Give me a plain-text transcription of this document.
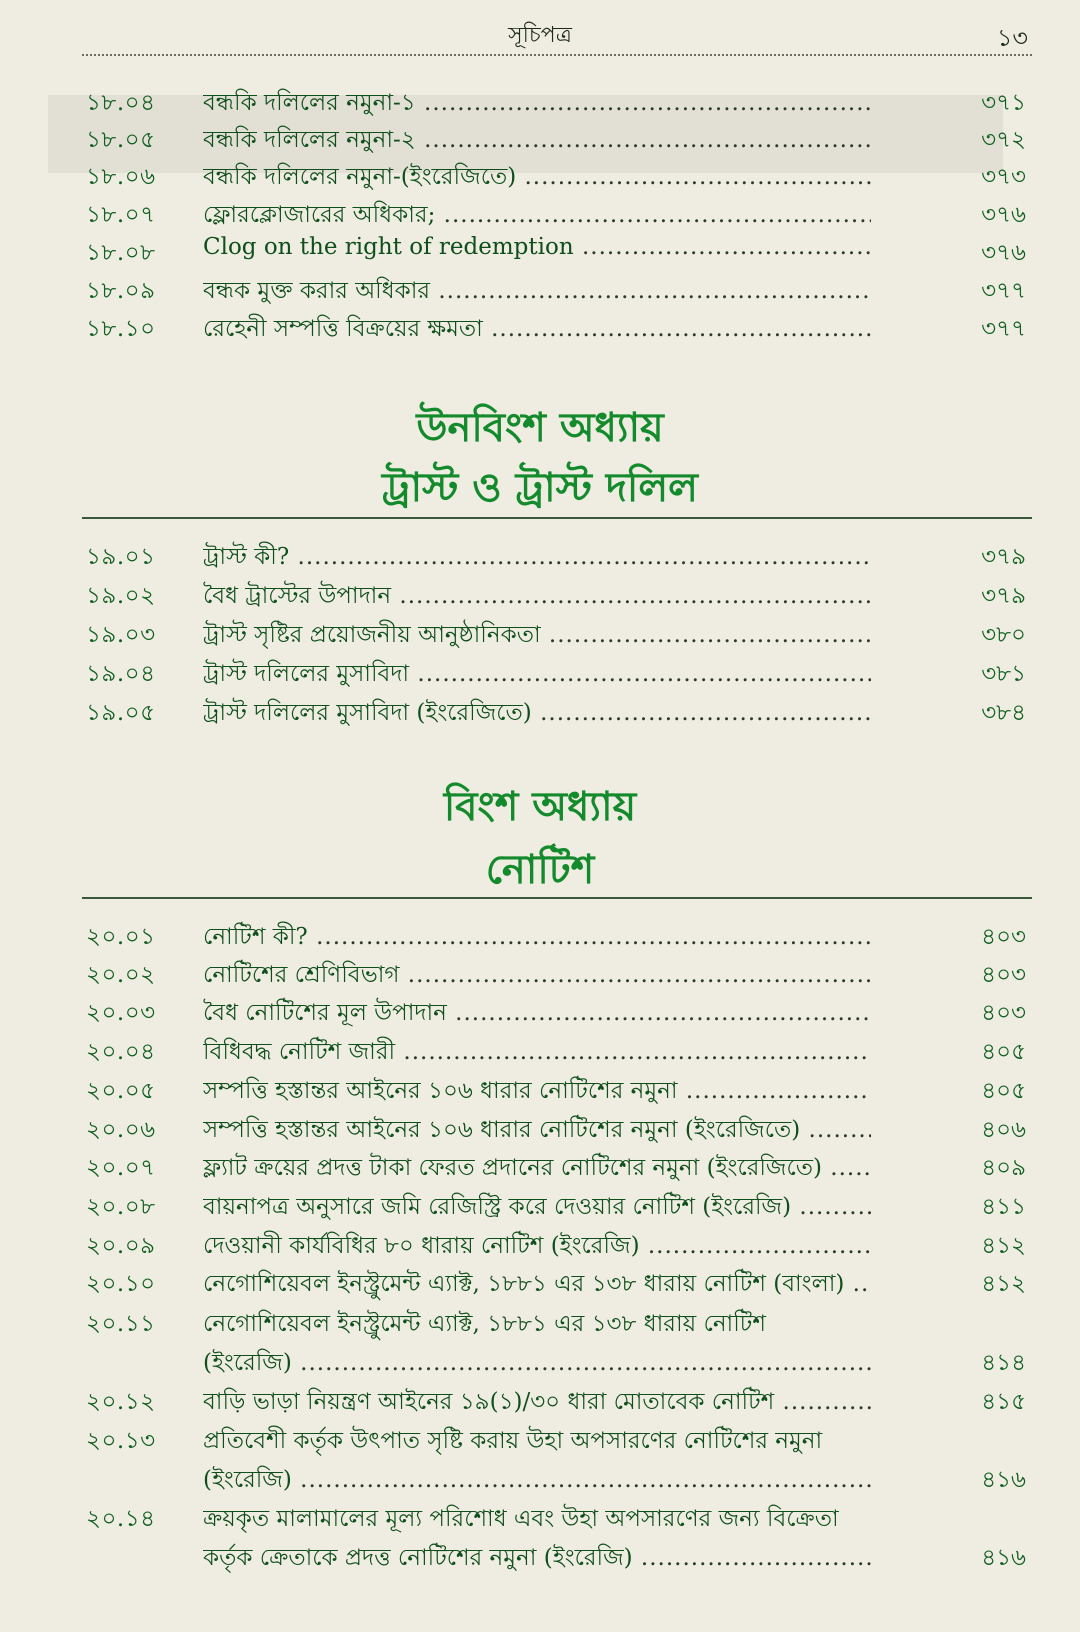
সূচিপত্র	১৩
১৮.০৪ বন্ধকি দলিলের নমুনা-১ .....	৩৭১
১৮.০৫ বন্ধকি দলিলের নমুনা-২ .....	৩৭২
১৮.০৬ বন্ধকি দলিলের নমুনা-(ইংরেজিতে) .....	৩৭৩
১৮.০৭ ফ্লোরক্লোজারের অধিকার; .....	৩৭৬
১৮.০৮ Clog on the right of redemption .....	৩৭৬
১৮.০৯ বন্ধক মুক্ত করার অধিকার .....	৩৭৭
১৮.১০ রেহেনী সম্পত্তি বিক্রয়ের ক্ষমতা .....	৩৭৭
উনবিংশ অধ্যায়
ট্রাস্ট ও ট্রাস্ট দলিল
১৯.০১ ট্রাস্ট কী? .....	৩৭৯
১৯.০২ বৈধ ট্রাস্টের উপাদান .....	৩৭৯
১৯.০৩ ট্রাস্ট সৃষ্টির প্রয়োজনীয় আনুষ্ঠানিকতা .....	৩৮০
১৯.০৪ ট্রাস্ট দলিলের মুসাবিদা .....	৩৮১
১৯.০৫ ট্রাস্ট দলিলের মুসাবিদা (ইংরেজিতে) .....	৩৮৪
বিংশ অধ্যায়
নোটিশ
২০.০১ নোটিশ কী? .....	৪০৩
২০.০২ নোটিশের শ্রেণিবিভাগ .....	৪০৩
২০.০৩ বৈধ নোটিশের মূল উপাদান .....	৪০৩
২০.০৪ বিধিবদ্ধ নোটিশ জারী .....	৪০৫
২০.০৫ সম্পত্তি হস্তান্তর আইনের ১০৬ ধারার নোটিশের নমুনা .....	৪০৫
২০.০৬ সম্পত্তি হস্তান্তর আইনের ১০৬ ধারার নোটিশের নমুনা (ইংরেজিতে) .....	৪০৬
২০.০৭ ফ্ল্যাট ক্রয়ের প্রদত্ত টাকা ফেরত প্রদানের নোটিশের নমুনা (ইংরেজিতে) .....	৪০৯
২০.০৮ বায়নাপত্র অনুসারে জমি রেজিস্ট্রি করে দেওয়ার নোটিশ (ইংরেজি) .....	৪১১
২০.০৯ দেওয়ানী কার্যবিধির ৮০ ধারায় নোটিশ (ইংরেজি) .....	৪১২
২০.১০ নেগোশিয়েবল ইনস্ট্রুমেন্ট এ্যাক্ট, ১৮৮১ এর ১৩৮ ধারায় নোটিশ (বাংলা) .....	৪১২
২০.১১ নেগোশিয়েবল ইনস্ট্রুমেন্ট এ্যাক্ট, ১৮৮১ এর ১৩৮ ধারায় নোটিশ
(ইংরেজি) .....	৪১৪
২০.১২ বাড়ি ভাড়া নিয়ন্ত্রণ আইনের ১৯(১)/৩০ ধারা মোতাবেক নোটিশ .....	৪১৫
২০.১৩ প্রতিবেশী কর্তৃক উৎপাত সৃষ্টি করায় উহা অপসারণের নোটিশের নমুনা
(ইংরেজি) .....	৪১৬
২০.১৪ ক্রয়কৃত মালামালের মূল্য পরিশোধ এবং উহা অপসারণের জন্য বিক্রেতা
কর্তৃক ক্রেতাকে প্রদত্ত নোটিশের নমুনা (ইংরেজি) .....	৪১৬
